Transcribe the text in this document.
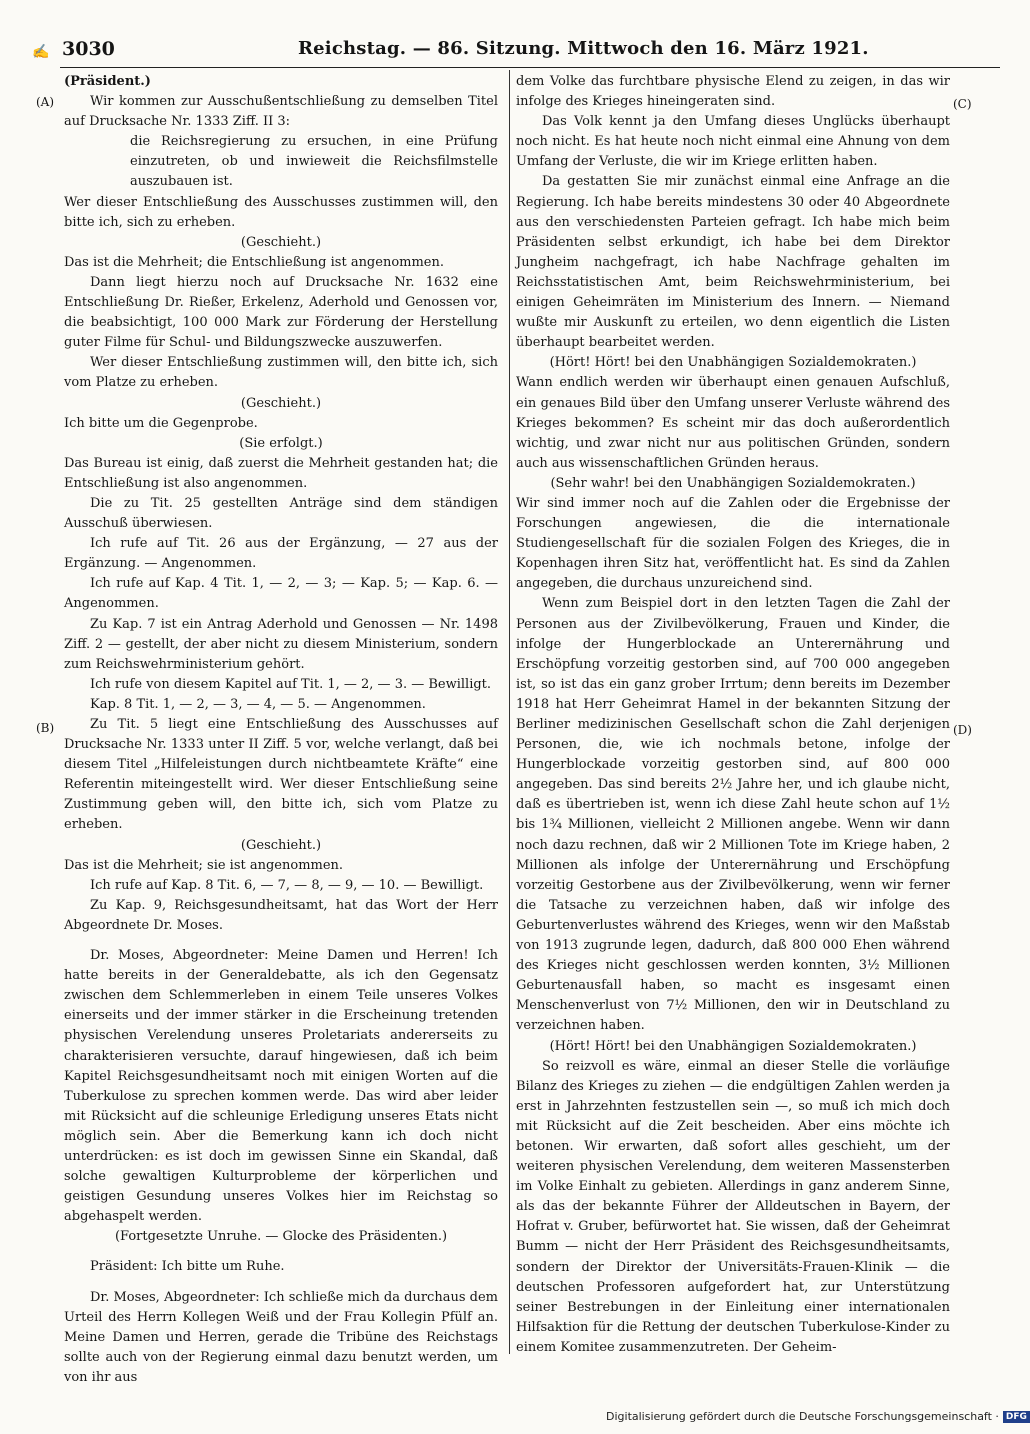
✍ 3030	Reichstag. — 86. Sitzung. Mittwoch den 16. März 1921.
(A)
(B)
(C)
(D)

(Präsident.)

Wir kommen zur Ausschußentschließung zu demselben Titel auf Drucksache Nr. 1333 Ziff. II 3:

die Reichsregierung zu ersuchen, in eine Prüfung einzutreten, ob und inwieweit die Reichsfilmstelle auszubauen ist.

Wer dieser Entschließung des Ausschusses zustimmen will, den bitte ich, sich zu erheben.

(Geschieht.)

Das ist die Mehrheit; die Entschließung ist angenommen.

Dann liegt hierzu noch auf Drucksache Nr. 1632 eine Entschließung Dr. Rießer, Erkelenz, Aderhold und Genossen vor, die beabsichtigt, 100 000 Mark zur Förderung der Herstellung guter Filme für Schul- und Bildungszwecke auszuwerfen.

Wer dieser Entschließung zustimmen will, den bitte ich, sich vom Platze zu erheben.

(Geschieht.)

Ich bitte um die Gegenprobe.

(Sie erfolgt.)

Das Bureau ist einig, daß zuerst die Mehrheit gestanden hat; die Entschließung ist also angenommen.

Die zu Tit. 25 gestellten Anträge sind dem ständigen Ausschuß überwiesen.

Ich rufe auf Tit. 26 aus der Ergänzung, — 27 aus der Ergänzung. — Angenommen.

Ich rufe auf Kap. 4 Tit. 1, — 2, — 3; — Kap. 5; — Kap. 6. — Angenommen.

Zu Kap. 7 ist ein Antrag Aderhold und Genossen — Nr. 1498 Ziff. 2 — gestellt, der aber nicht zu diesem Ministerium, sondern zum Reichswehrministerium gehört.

Ich rufe von diesem Kapitel auf Tit. 1, — 2, — 3. — Bewilligt.

Kap. 8 Tit. 1, — 2, — 3, — 4, — 5. — Angenommen.

Zu Tit. 5 liegt eine Entschließung des Ausschusses auf Drucksache Nr. 1333 unter II Ziff. 5 vor, welche verlangt, daß bei diesem Titel „Hilfeleistungen durch nichtbeamtete Kräfte“ eine Referentin miteingestellt wird. Wer dieser Entschließung seine Zustimmung geben will, den bitte ich, sich vom Platze zu erheben.

(Geschieht.)

Das ist die Mehrheit; sie ist angenommen.

Ich rufe auf Kap. 8 Tit. 6, — 7, — 8, — 9, — 10. — Bewilligt.

Zu Kap. 9, Reichsgesundheitsamt, hat das Wort der Herr Abgeordnete Dr. Moses.

Dr. Moses, Abgeordneter: Meine Damen und Herren! Ich hatte bereits in der Generaldebatte, als ich den Gegensatz zwischen dem Schlemmerleben in einem Teile unseres Volkes einerseits und der immer stärker in die Erscheinung tretenden physischen Verelendung unseres Proletariats andererseits zu charakterisieren versuchte, darauf hingewiesen, daß ich beim Kapitel Reichsgesundheitsamt noch mit einigen Worten auf die Tuberkulose zu sprechen kommen werde. Das wird aber leider mit Rücksicht auf die schleunige Erledigung unseres Etats nicht möglich sein. Aber die Bemerkung kann ich doch nicht unterdrücken: es ist doch im gewissen Sinne ein Skandal, daß solche gewaltigen Kulturprobleme der körperlichen und geistigen Gesundung unseres Volkes hier im Reichstag so abgehaspelt werden.

(Fortgesetzte Unruhe. — Glocke des Präsidenten.)

Präsident: Ich bitte um Ruhe.

Dr. Moses, Abgeordneter: Ich schließe mich da durchaus dem Urteil des Herrn Kollegen Weiß und der Frau Kollegin Pfülf an. Meine Damen und Herren, gerade die Tribüne des Reichstags sollte auch von der Regierung einmal dazu benutzt werden, um von ihr aus

dem Volke das furchtbare physische Elend zu zeigen, in das wir infolge des Krieges hineingeraten sind.

Das Volk kennt ja den Umfang dieses Unglücks überhaupt noch nicht. Es hat heute noch nicht einmal eine Ahnung von dem Umfang der Verluste, die wir im Kriege erlitten haben.

Da gestatten Sie mir zunächst einmal eine Anfrage an die Regierung. Ich habe bereits mindestens 30 oder 40 Abgeordnete aus den verschiedensten Parteien gefragt. Ich habe mich beim Präsidenten selbst erkundigt, ich habe bei dem Direktor Jungheim nachgefragt, ich habe Nachfrage gehalten im Reichsstatistischen Amt, beim Reichswehrministerium, bei einigen Geheimräten im Ministerium des Innern. — Niemand wußte mir Auskunft zu erteilen, wo denn eigentlich die Listen überhaupt bearbeitet werden.

(Hört! Hört! bei den Unabhängigen Sozialdemokraten.)

Wann endlich werden wir überhaupt einen genauen Aufschluß, ein genaues Bild über den Umfang unserer Verluste während des Krieges bekommen? Es scheint mir das doch außerordentlich wichtig, und zwar nicht nur aus politischen Gründen, sondern auch aus wissenschaftlichen Gründen heraus.

(Sehr wahr! bei den Unabhängigen Sozialdemokraten.)

Wir sind immer noch auf die Zahlen oder die Ergebnisse der Forschungen angewiesen, die die internationale Studiengesellschaft für die sozialen Folgen des Krieges, die in Kopenhagen ihren Sitz hat, veröffentlicht hat. Es sind da Zahlen angegeben, die durchaus unzureichend sind.

Wenn zum Beispiel dort in den letzten Tagen die Zahl der Personen aus der Zivilbevölkerung, Frauen und Kinder, die infolge der Hungerblockade an Unterernährung und Erschöpfung vorzeitig gestorben sind, auf 700 000 angegeben ist, so ist das ein ganz grober Irrtum; denn bereits im Dezember 1918 hat Herr Geheimrat Hamel in der bekannten Sitzung der Berliner medizinischen Gesellschaft schon die Zahl derjenigen Personen, die, wie ich nochmals betone, infolge der Hungerblockade vorzeitig gestorben sind, auf 800 000 angegeben. Das sind bereits 2½ Jahre her, und ich glaube nicht, daß es übertrieben ist, wenn ich diese Zahl heute schon auf 1½ bis 1¾ Millionen, vielleicht 2 Millionen angebe. Wenn wir dann noch dazu rechnen, daß wir 2 Millionen Tote im Kriege haben, 2 Millionen als infolge der Unterernährung und Erschöpfung vorzeitig Gestorbene aus der Zivilbevölkerung, wenn wir ferner die Tatsache zu verzeichnen haben, daß wir infolge des Geburtenverlustes während des Krieges, wenn wir den Maßstab von 1913 zugrunde legen, dadurch, daß 800 000 Ehen während des Krieges nicht geschlossen werden konnten, 3½ Millionen Geburtenausfall haben, so macht es insgesamt einen Menschenverlust von 7½ Millionen, den wir in Deutschland zu verzeichnen haben.

(Hört! Hört! bei den Unabhängigen Sozialdemokraten.)

So reizvoll es wäre, einmal an dieser Stelle die vorläufige Bilanz des Krieges zu ziehen — die endgültigen Zahlen werden ja erst in Jahrzehnten festzustellen sein —, so muß ich mich doch mit Rücksicht auf die Zeit bescheiden. Aber eins möchte ich betonen. Wir erwarten, daß sofort alles geschieht, um der weiteren physischen Verelendung, dem weiteren Massensterben im Volke Einhalt zu gebieten. Allerdings in ganz anderem Sinne, als das der bekannte Führer der Alldeutschen in Bayern, der Hofrat v. Gruber, befürwortet hat. Sie wissen, daß der Geheimrat Bumm — nicht der Herr Präsident des Reichsgesundheitsamts, sondern der Direktor der Universitäts-Frauen-Klinik — die deutschen Professoren aufgefordert hat, zur Unterstützung seiner Bestrebungen in der Einleitung einer internationalen Hilfsaktion für die Rettung der deutschen Tuberkulose-Kinder zu einem Komitee zusammenzutreten. Der Geheim-

Digitalisierung gefördert durch die Deutsche Forschungsgemeinschaft · DFG
